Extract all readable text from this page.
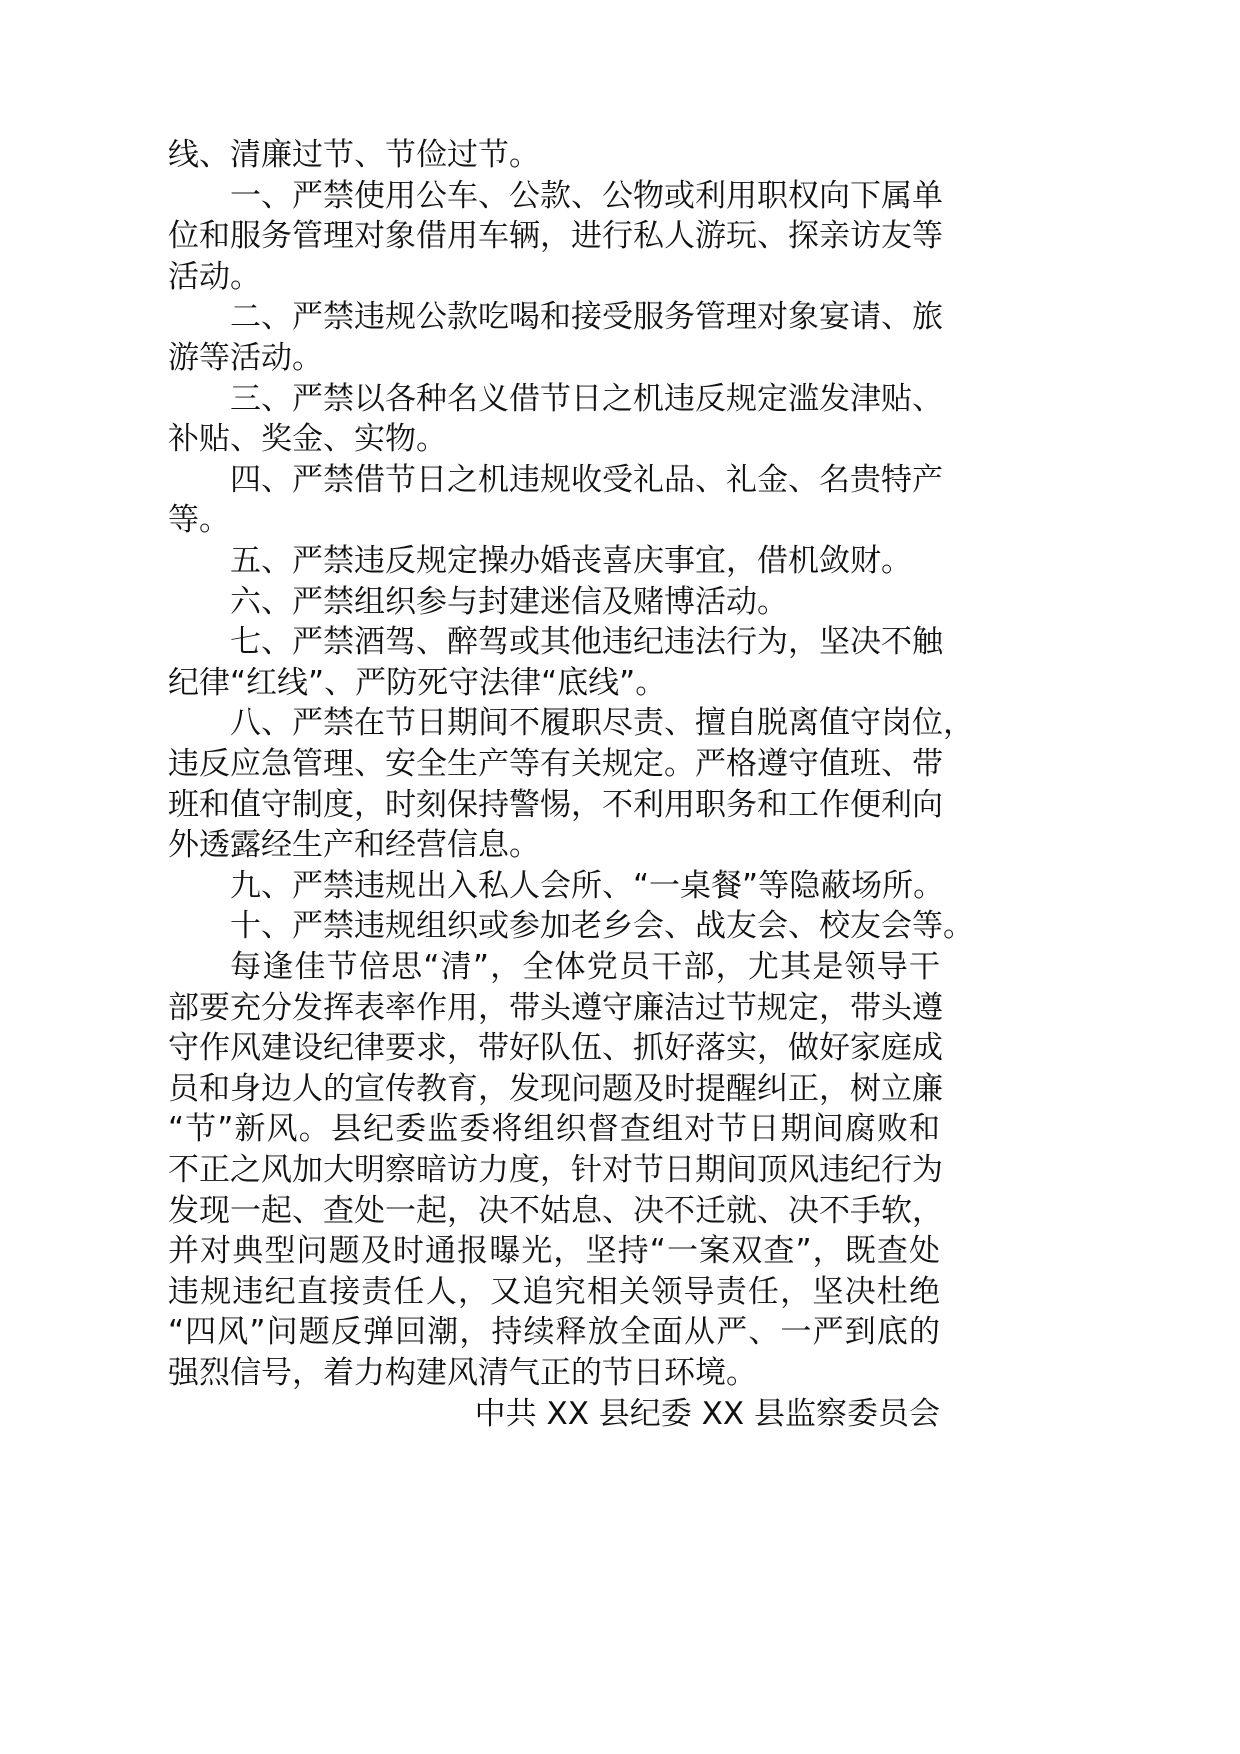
线、清廉过节、节俭过节。
一、严禁使用公车、公款、公物或利用职权向下属单
位和服务管理对象借用车辆，进行私人游玩、探亲访友等
活动。
二、严禁违规公款吃喝和接受服务管理对象宴请、旅
游等活动。
三、严禁以各种名义借节日之机违反规定滥发津贴、
补贴、奖金、实物。
四、严禁借节日之机违规收受礼品、礼金、名贵特产
等。
五、严禁违反规定操办婚丧喜庆事宜，借机敛财。
六、严禁组织参与封建迷信及赌博活动。
七、严禁酒驾、醉驾或其他违纪违法行为，坚决不触
纪律“红线”、严防死守法律“底线”。
八、严禁在节日期间不履职尽责、擅自脱离值守岗位，
违反应急管理、安全生产等有关规定。严格遵守值班、带
班和值守制度，时刻保持警惕，不利用职务和工作便利向
外透露经生产和经营信息。
九、严禁违规出入私人会所、“一桌餐”等隐蔽场所。
十、严禁违规组织或参加老乡会、战友会、校友会等。
每逢佳节倍思“清”，全体党员干部，尤其是领导干
部要充分发挥表率作用，带头遵守廉洁过节规定，带头遵
守作风建设纪律要求，带好队伍、抓好落实，做好家庭成
员和身边人的宣传教育，发现问题及时提醒纠正，树立廉
“节”新风。县纪委监委将组织督查组对节日期间腐败和
不正之风加大明察暗访力度，针对节日期间顶风违纪行为
发现一起、查处一起，决不姑息、决不迁就、决不手软，
并对典型问题及时通报曝光，坚持“一案双查”，既查处
违规违纪直接责任人，又追究相关领导责任，坚决杜绝
“四风”问题反弹回潮，持续释放全面从严、一严到底的
强烈信号，着力构建风清气正的节日环境。
中共 XX 县纪委 XX 县监察委员会
